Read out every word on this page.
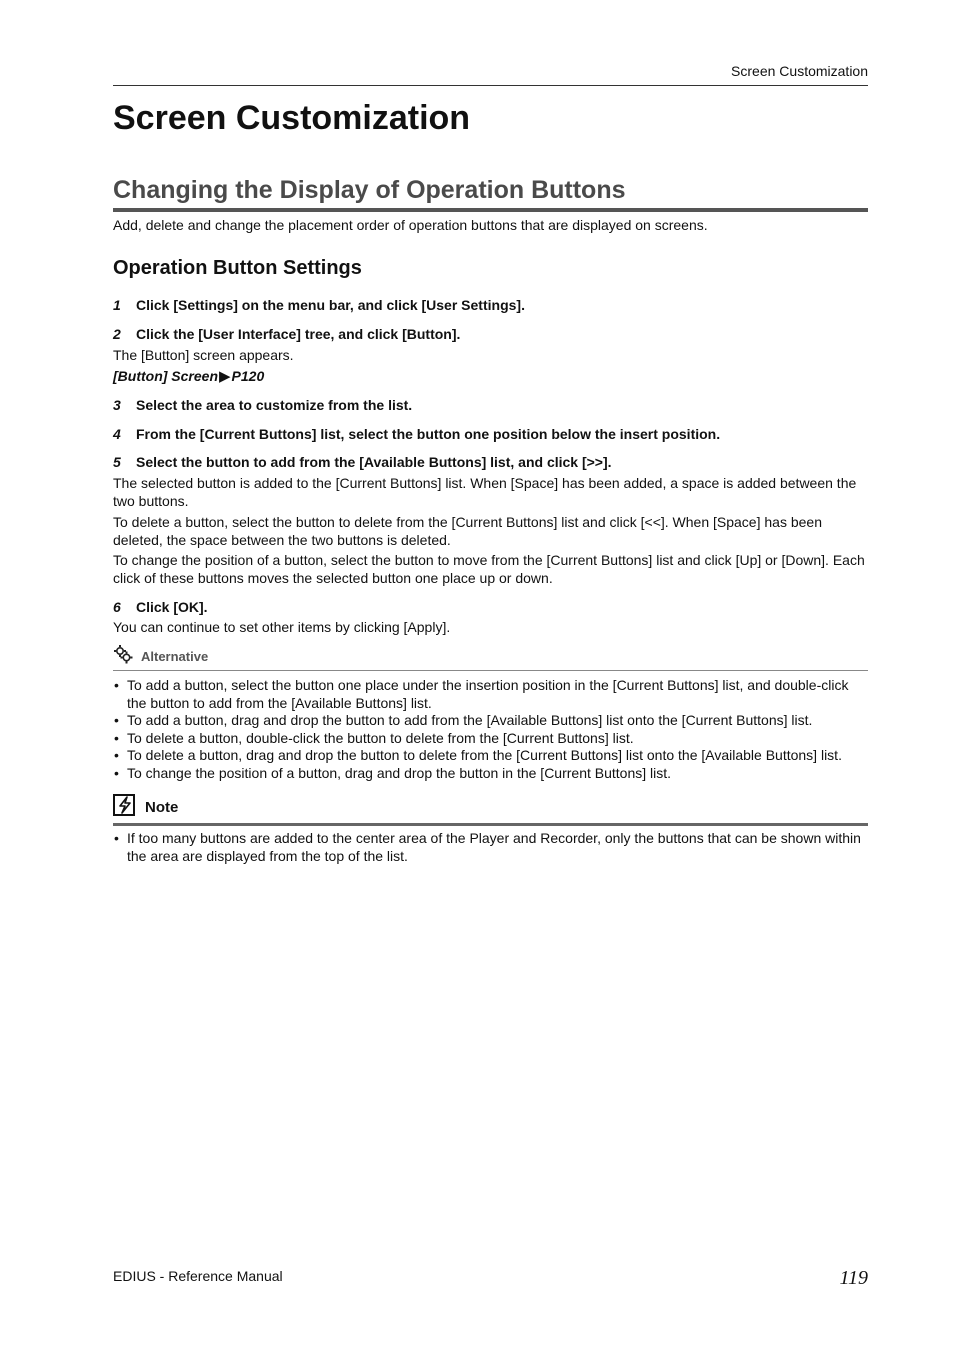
Screen Customization
Screen Customization
Changing the Display of Operation Buttons
Add, delete and change the placement order of operation buttons that are displayed on screens.
Operation Button Settings
1	Click [Settings] on the menu bar, and click [User Settings].
2	Click the [User Interface] tree, and click [Button].
The [Button] screen appears.
[Button] Screen ▶ P120
3	Select the area to customize from the list.
4	From the [Current Buttons] list, select the button one position below the insert position.
5	Select the button to add from the [Available Buttons] list, and click [>>].
The selected button is added to the [Current Buttons] list. When [Space] has been added, a space is added between the two buttons.
To delete a button, select the button to delete from the [Current Buttons] list and click [<<]. When [Space] has been deleted, the space between the two buttons is deleted.
To change the position of a button, select the button to move from the [Current Buttons] list and click [Up] or [Down]. Each click of these buttons moves the selected button one place up or down.
6	Click [OK].
You can continue to set other items by clicking [Apply].
Alternative
• To add a button, select the button one place under the insertion position in the [Current Buttons] list, and double-click the button to add from the [Available Buttons] list.
• To add a button, drag and drop the button to add from the [Available Buttons] list onto the [Current Buttons] list.
• To delete a button, double-click the button to delete from the [Current Buttons] list.
• To delete a button, drag and drop the button to delete from the [Current Buttons] list onto the [Available Buttons] list.
• To change the position of a button, drag and drop the button in the [Current Buttons] list.
Note
• If too many buttons are added to the center area of the Player and Recorder, only the buttons that can be shown within the area are displayed from the top of the list.
EDIUS - Reference Manual	119
